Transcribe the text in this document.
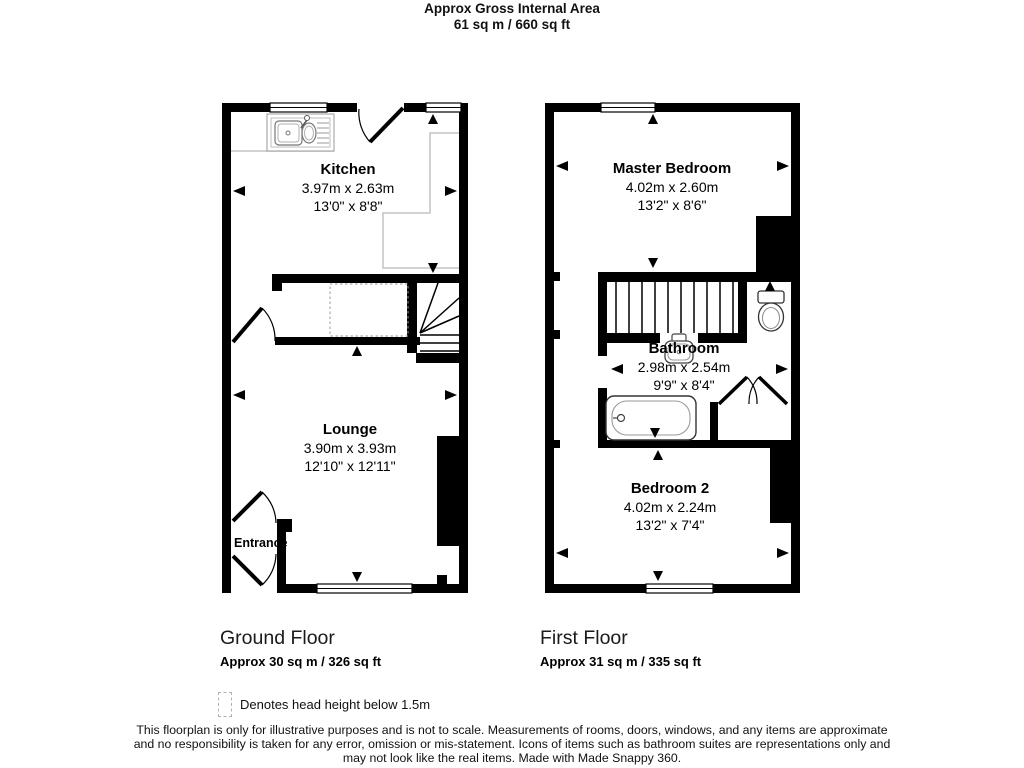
Approx Gross Internal Area
61 sq m / 660 sq ft
Kitchen
3.97m x 2.63m
13'0" x 8'8"
Lounge
3.90m x 3.93m
12'10" x 12'11"
Entrance
Master Bedroom
4.02m x 2.60m
13'2" x 8'6"
Bathroom
2.98m x 2.54m
9'9" x 8'4"
Bedroom 2
4.02m x 2.24m
13'2" x 7'4"
Ground Floor
Approx 30 sq m / 326 sq ft
First Floor
Approx 31 sq m / 335 sq ft
Denotes head height below 1.5m
This floorplan is only for illustrative purposes and is not to scale. Measurements of rooms, doors, windows, and any items are approximate
and no responsibility is taken for any error, omission or mis-statement. Icons of items such as bathroom suites are representations only and
may not look like the real items. Made with Made Snappy 360.
